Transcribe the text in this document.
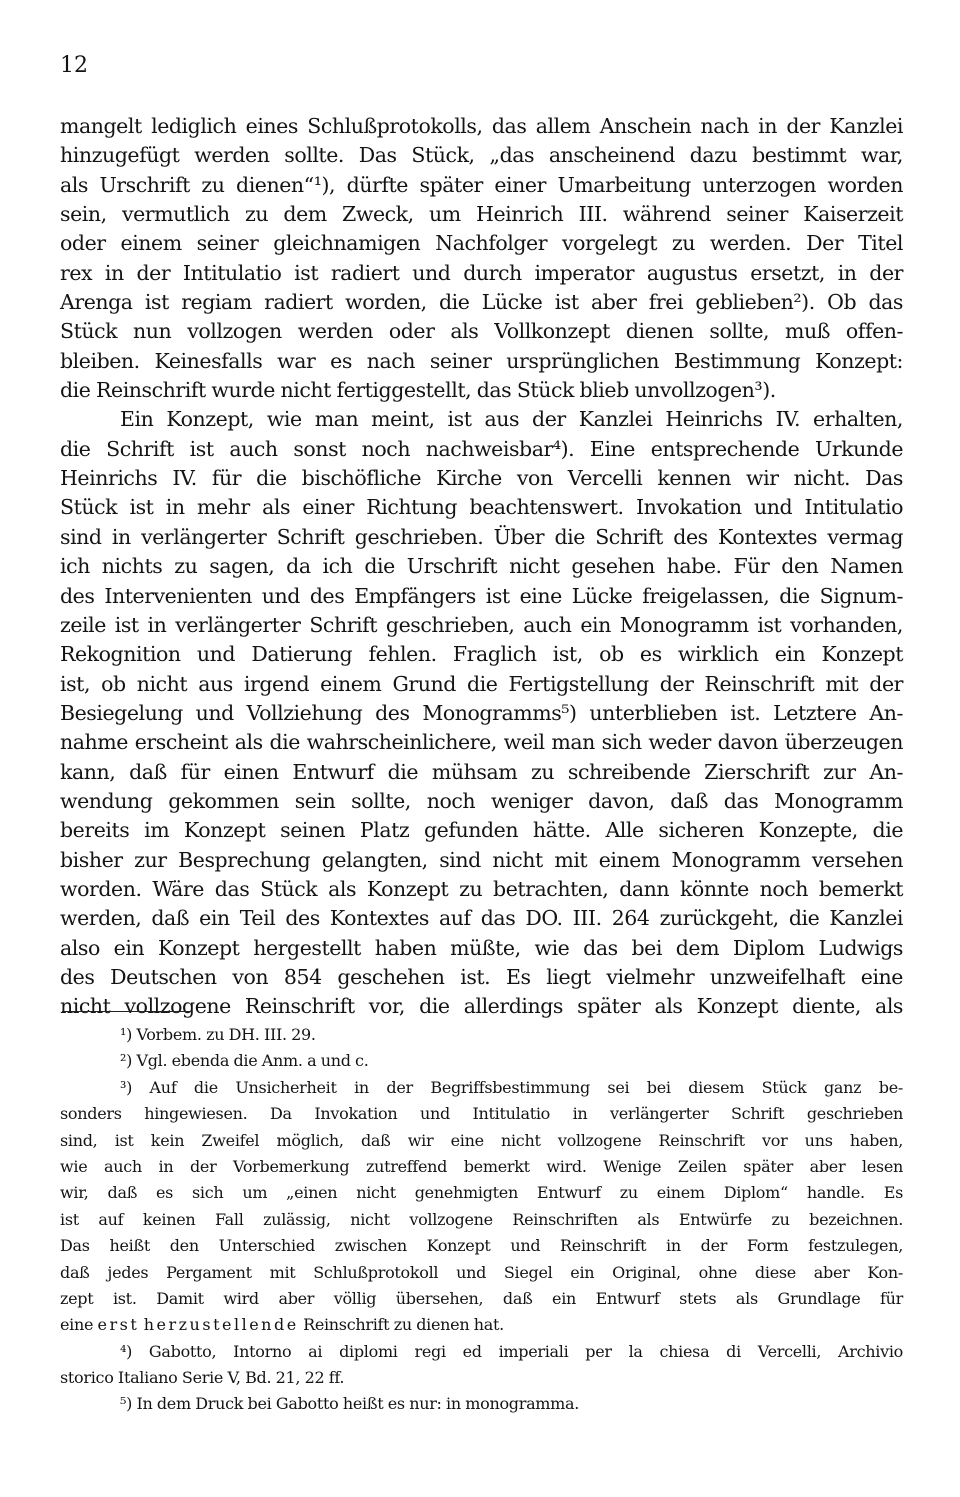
12
mangelt lediglich eines Schlußprotokolls, das allem Anschein nach in der Kanzlei
hinzugefügt werden sollte. Das Stück, „das anscheinend dazu bestimmt war,
als Urschrift zu dienen“¹), dürfte später einer Umarbeitung unterzogen worden
sein, vermutlich zu dem Zweck, um Heinrich III. während seiner Kaiserzeit
oder einem seiner gleichnamigen Nachfolger vorgelegt zu werden. Der Titel
rex in der Intitulatio ist radiert und durch imperator augustus ersetzt, in der
Arenga ist regiam radiert worden, die Lücke ist aber frei geblieben²). Ob das
Stück nun vollzogen werden oder als Vollkonzept dienen sollte, muß offen-
bleiben. Keinesfalls war es nach seiner ursprünglichen Bestimmung Konzept:
die Reinschrift wurde nicht fertiggestellt, das Stück blieb unvollzogen³).
Ein Konzept, wie man meint, ist aus der Kanzlei Heinrichs IV. erhalten,
die Schrift ist auch sonst noch nachweisbar⁴). Eine entsprechende Urkunde
Heinrichs IV. für die bischöfliche Kirche von Vercelli kennen wir nicht. Das
Stück ist in mehr als einer Richtung beachtenswert. Invokation und Intitulatio
sind in verlängerter Schrift geschrieben. Über die Schrift des Kontextes vermag
ich nichts zu sagen, da ich die Urschrift nicht gesehen habe. Für den Namen
des Intervenienten und des Empfängers ist eine Lücke freigelassen, die Signum-
zeile ist in verlängerter Schrift geschrieben, auch ein Monogramm ist vorhanden,
Rekognition und Datierung fehlen. Fraglich ist, ob es wirklich ein Konzept
ist, ob nicht aus irgend einem Grund die Fertigstellung der Reinschrift mit der
Besiegelung und Vollziehung des Monogramms⁵) unterblieben ist. Letztere An-
nahme erscheint als die wahrscheinlichere, weil man sich weder davon überzeugen
kann, daß für einen Entwurf die mühsam zu schreibende Zierschrift zur An-
wendung gekommen sein sollte, noch weniger davon, daß das Monogramm
bereits im Konzept seinen Platz gefunden hätte. Alle sicheren Konzepte, die
bisher zur Besprechung gelangten, sind nicht mit einem Monogramm versehen
worden. Wäre das Stück als Konzept zu betrachten, dann könnte noch bemerkt
werden, daß ein Teil des Kontextes auf das DO. III. 264 zurückgeht, die Kanzlei
also ein Konzept hergestellt haben müßte, wie das bei dem Diplom Ludwigs
des Deutschen von 854 geschehen ist. Es liegt vielmehr unzweifelhaft eine
nicht vollzogene Reinschrift vor, die allerdings später als Konzept diente, als
¹) Vorbem. zu DH. III. 29.
²) Vgl. ebenda die Anm. a und c.
³) Auf die Unsicherheit in der Begriffsbestimmung sei bei diesem Stück ganz be-
sonders hingewiesen. Da Invokation und Intitulatio in verlängerter Schrift geschrieben
sind, ist kein Zweifel möglich, daß wir eine nicht vollzogene Reinschrift vor uns haben,
wie auch in der Vorbemerkung zutreffend bemerkt wird. Wenige Zeilen später aber lesen
wir, daß es sich um „einen nicht genehmigten Entwurf zu einem Diplom“ handle. Es
ist auf keinen Fall zulässig, nicht vollzogene Reinschriften als Entwürfe zu bezeichnen.
Das heißt den Unterschied zwischen Konzept und Reinschrift in der Form festzulegen,
daß jedes Pergament mit Schlußprotokoll und Siegel ein Original, ohne diese aber Kon-
zept ist. Damit wird aber völlig übersehen, daß ein Entwurf stets als Grundlage für
eine erst herzustellende Reinschrift zu dienen hat.
⁴) Gabotto, Intorno ai diplomi regi ed imperiali per la chiesa di Vercelli, Archivio
storico Italiano Serie V, Bd. 21, 22 ff.
⁵) In dem Druck bei Gabotto heißt es nur: in monogramma.
